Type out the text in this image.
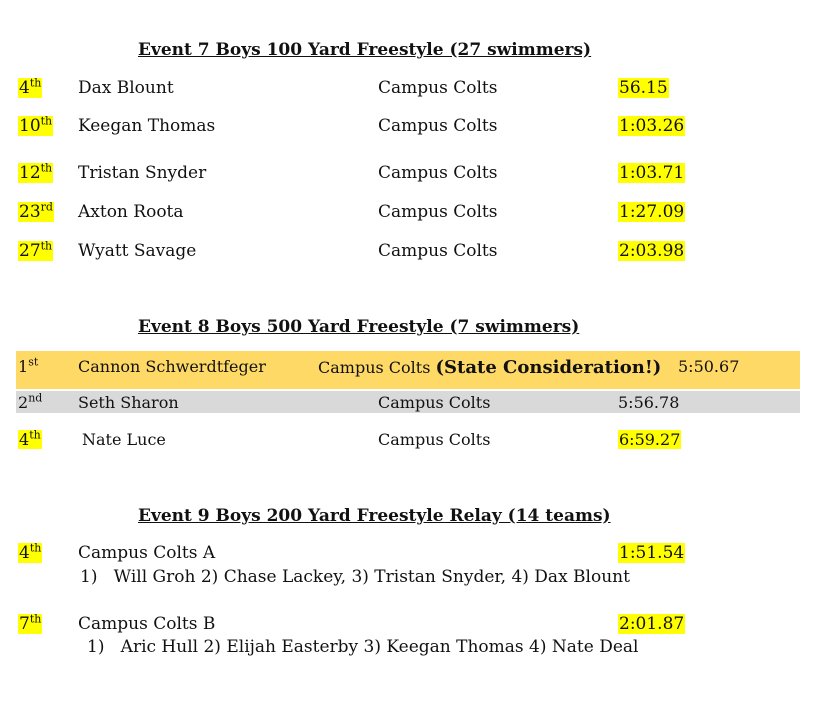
Event 7 Boys 100 Yard Freestyle (27 swimmers)
4th Dax Blount	Campus Colts	56.15
10th Keegan Thomas	Campus Colts	1:03.26
12th Tristan Snyder	Campus Colts	1:03.71
23rd Axton Roota	Campus Colts	1:27.09
27th Wyatt Savage	Campus Colts	2:03.98
Event 8 Boys 500 Yard Freestyle (7 swimmers)
1st Cannon Schwerdtfeger	Campus Colts (State Consideration!) 5:50.67
2nd Seth Sharon	Campus Colts	5:56.78
4th	Nate Luce	Campus Colts	6:59.27
Event 9 Boys 200 Yard Freestyle Relay (14 teams)
4th Campus Colts A	1:51.54
1) Will Groh 2) Chase Lackey, 3) Tristan Snyder, 4) Dax Blount
7th Campus Colts B	2:01.87
1) Aric Hull 2) Elijah Easterby 3) Keegan Thomas 4) Nate Deal
